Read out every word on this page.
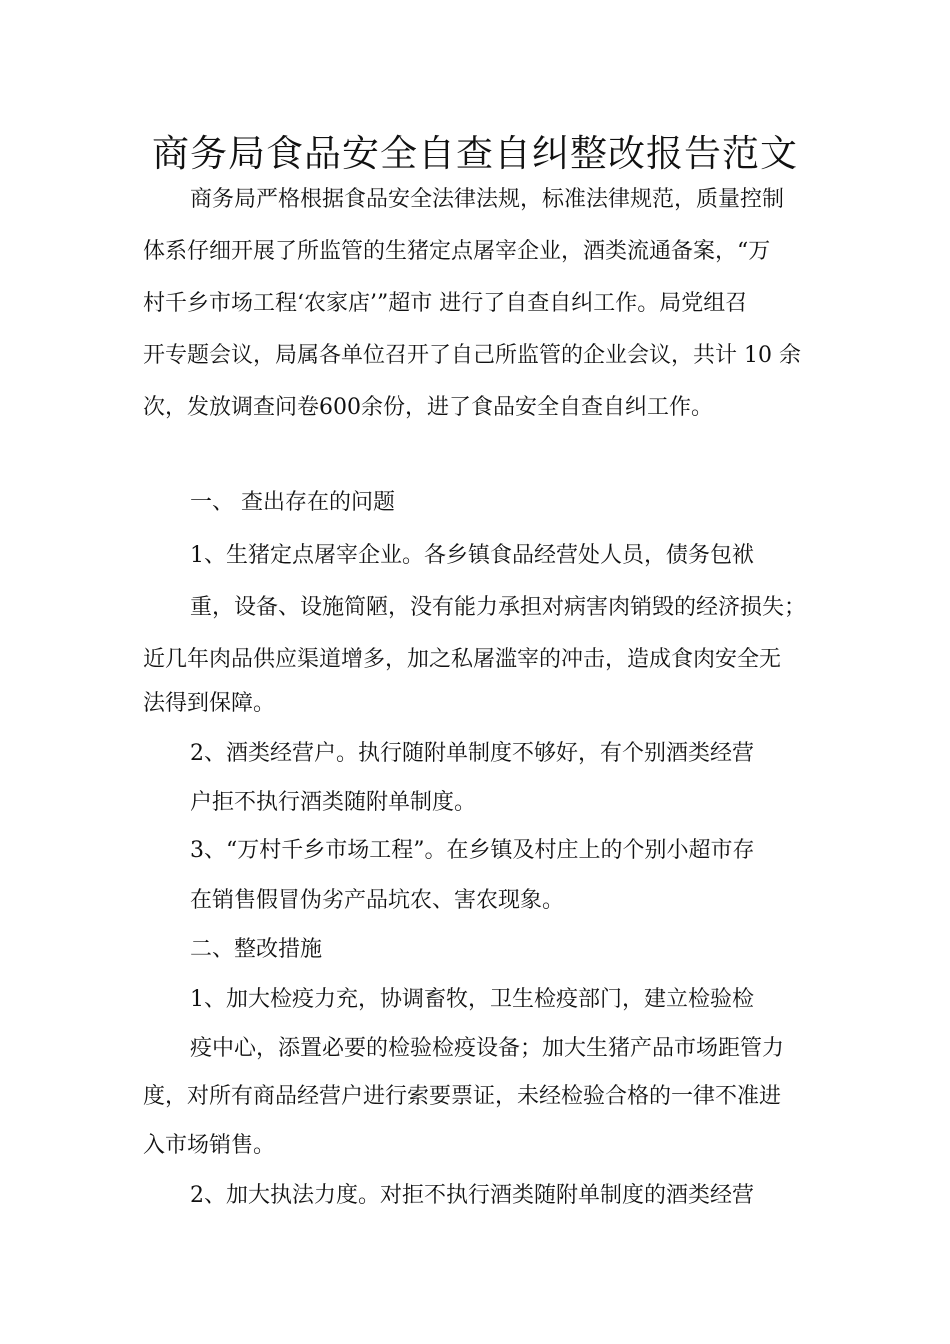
商务局食品安全自查自纠整改报告范文
商务局严格根据食品安全法律法规，标准法律规范，质量控制
体系仔细开展了所监管的生猪定点屠宰企业，酒类流通备案，“万
村千乡市场工程‘农家店’”超市 进行了自查自纠工作。局党组召
开专题会议，局属各单位召开了自己所监管的企业会议，共计 10 余
次，发放调查问卷600余份，进了食品安全自查自纠工作。
一、 查出存在的问题
1、生猪定点屠宰企业。各乡镇食品经营处人员，债务包袱
重，设备、设施简陋，没有能力承担对病害肉销毁的经济损失；
近几年肉品供应渠道增多，加之私屠滥宰的冲击，造成食肉安全无
法得到保障。
2、酒类经营户。执行随附单制度不够好，有个别酒类经营
户拒不执行酒类随附单制度。
3、“万村千乡市场工程”。在乡镇及村庄上的个别小超市存
在销售假冒伪劣产品坑农、害农现象。
二、整改措施
1、加大检疫力充，协调畜牧，卫生检疫部门，建立检验检
疫中心，添置必要的检验检疫设备；加大生猪产品市场距管力
度，对所有商品经营户进行索要票证，未经检验合格的一律不准进
入市场销售。
2、加大执法力度。对拒不执行酒类随附单制度的酒类经营
